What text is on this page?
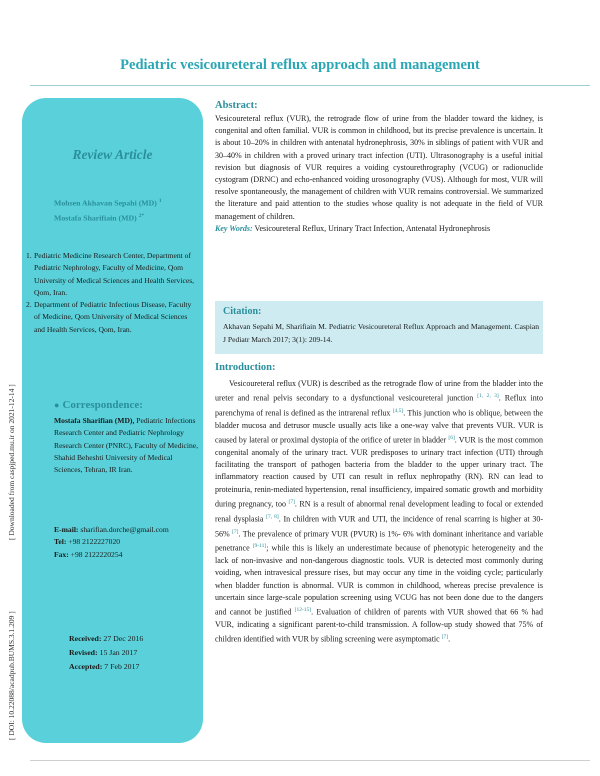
Pediatric vesicoureteral reflux approach and management
[ Downloaded from caspjped.mu.ir on 2021-12-14 ]
[ DOI: 10.22088/acadpub.BUMS.3.1.209 ]
Review Article
Mohsen Akhavan Sepahi (MD) $^1$
Mostafa Sharifiain (MD) $^{2*}$
1. Pediatric Medicine Research Center, Department of Pediatric Nephrology, Faculty of Medicine, Qom University of Medical Sciences and Health Services, Qom, Iran.
2. Department of Pediatric Infectious Disease, Faculty of Medicine, Qom University of Medical Sciences and Health Services, Qom, Iran.
● Correspondence:
Mostafa Sharifian (MD), Pediatric Infections Research Center and Pediatric Nephrology Research Center (PNRC), Faculty of Medicine, Shahid Beheshti University of Medical Sciences, Tehran, IR Iran.
E-mail: sharifian.dorche@gmail.com
Tel: +98 2122227020
Fax: +98 2122220254
Received: 27 Dec 2016
Revised: 15 Jan 2017
Accepted: 7 Feb 2017
Abstract:

Vesicoureteral reflux (VUR), the retrograde flow of urine from the bladder toward the kidney, is congenital and often familial. VUR is common in childhood, but its precise prevalence is uncertain. It is about 10–20% in children with antenatal hydronephrosis, 30% in siblings of patient with VUR and 30–40% in children with a proved urinary tract infection (UTI). Ultrasonography is a useful initial revision but diagnosis of VUR requires a voiding cystourethrography (VCUG) or radionuclide cystogram (DRNC) and echo-enhanced voiding urosonography (VUS). Although for most, VUR will resolve spontaneously, the management of children with VUR remains controversial. We summarized the literature and paid attention to the studies whose quality is not adequate in the field of VUR management of children.

Key Words: Vesicoureteral Reflux, Urinary Tract Infection, Antenatal Hydronephrosis

Citation:
Akhavan Sepahi M, Sharifiain M. Pediatric Vesicoureteral Reflux Approach and Management. Caspian J Pediatr March 2017; 3(1): 209-14.
Introduction:

Vesicoureteral reflux (VUR) is described as the retrograde flow of urine from the bladder into the ureter and renal pelvis secondary to a dysfunctional vesicoureteral junction [1, 2, 3]. Reflux into parenchyma of renal is defined as the intrarenal reflux [4,5]. This junction who is oblique, between the bladder mucosa and detrusor muscle usually acts like a one-way valve that prevents VUR. VUR is caused by lateral or proximal dystopia of the orifice of ureter in bladder [6]. VUR is the most common congenital anomaly of the urinary tract. VUR predisposes to urinary tract infection (UTI) through facilitating the transport of pathogen bacteria from the bladder to the upper urinary tract. The inflammatory reaction caused by UTI can result in reflux nephropathy (RN). RN can lead to proteinuria, renin-mediated hypertension, renal insufficiency, impaired somatic growth and morbidity during pregnancy, too [7]. RN is a result of abnormal renal development leading to focal or extended renal dysplasia [7, 8]. In children with VUR and UTI, the incidence of renal scarring is higher at 30-56% [7]. The prevalence of primary VUR (PVUR) is 1%- 6% with dominant inheritance and variable penetrance [9-11]; while this is likely an underestimate because of phenotypic heterogeneity and the lack of non-invasive and non-dangerous diagnostic tools. VUR is detected most commonly during voiding, when intravesical pressure rises, but may occur any time in the voiding cycle; particularly when bladder function is abnormal. VUR is common in childhood, whereas precise prevalence is uncertain since large-scale population screening using VCUG has not been done due to the dangers and cannot be justified [12-15]. Evaluation of children of parents with VUR showed that 66 % had VUR, indicating a significant parent-to-child transmission. A follow-up study showed that 75% of children identified with VUR by sibling screening were asymptomatic [7].
